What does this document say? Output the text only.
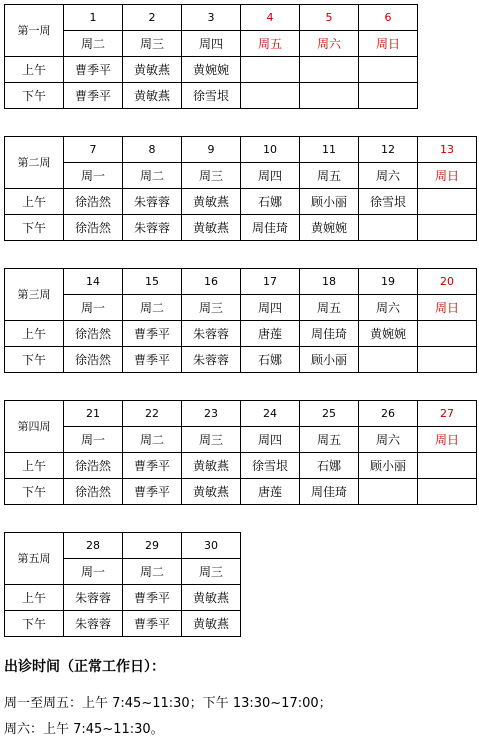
第一周	1	2	3	4	5	6
	周二	周三	周四	周五	周六	周日
上午	曹季平	黄敏燕	黄婉婉			
下午	曹季平	黄敏燕	徐雪垠			
第二周	7	8	9	10	11	12	13
	周一	周二	周三	周四	周五	周六	周日
上午	徐浩然	朱蓉蓉	黄敏燕	石娜	顾小丽	徐雪垠	
下午	徐浩然	朱蓉蓉	黄敏燕	周佳琦	黄婉婉		
第三周	14	15	16	17	18	19	20
	周一	周二	周三	周四	周五	周六	周日
上午	徐浩然	曹季平	朱蓉蓉	唐莲	周佳琦	黄婉婉	
下午	徐浩然	曹季平	朱蓉蓉	石娜	顾小丽		
第四周	21	22	23	24	25	26	27
	周一	周二	周三	周四	周五	周六	周日
上午	徐浩然	曹季平	黄敏燕	徐雪垠	石娜	顾小丽	
下午	徐浩然	曹季平	黄敏燕	唐莲	周佳琦		
第五周	28	29	30
	周一	周二	周三
上午	朱蓉蓉	曹季平	黄敏燕
下午	朱蓉蓉	曹季平	黄敏燕

出诊时间（正常工作日）：

周一至周五：上午 7:45~11:30；下午 13:30~17:00；

周六：上午 7:45~11:30。
